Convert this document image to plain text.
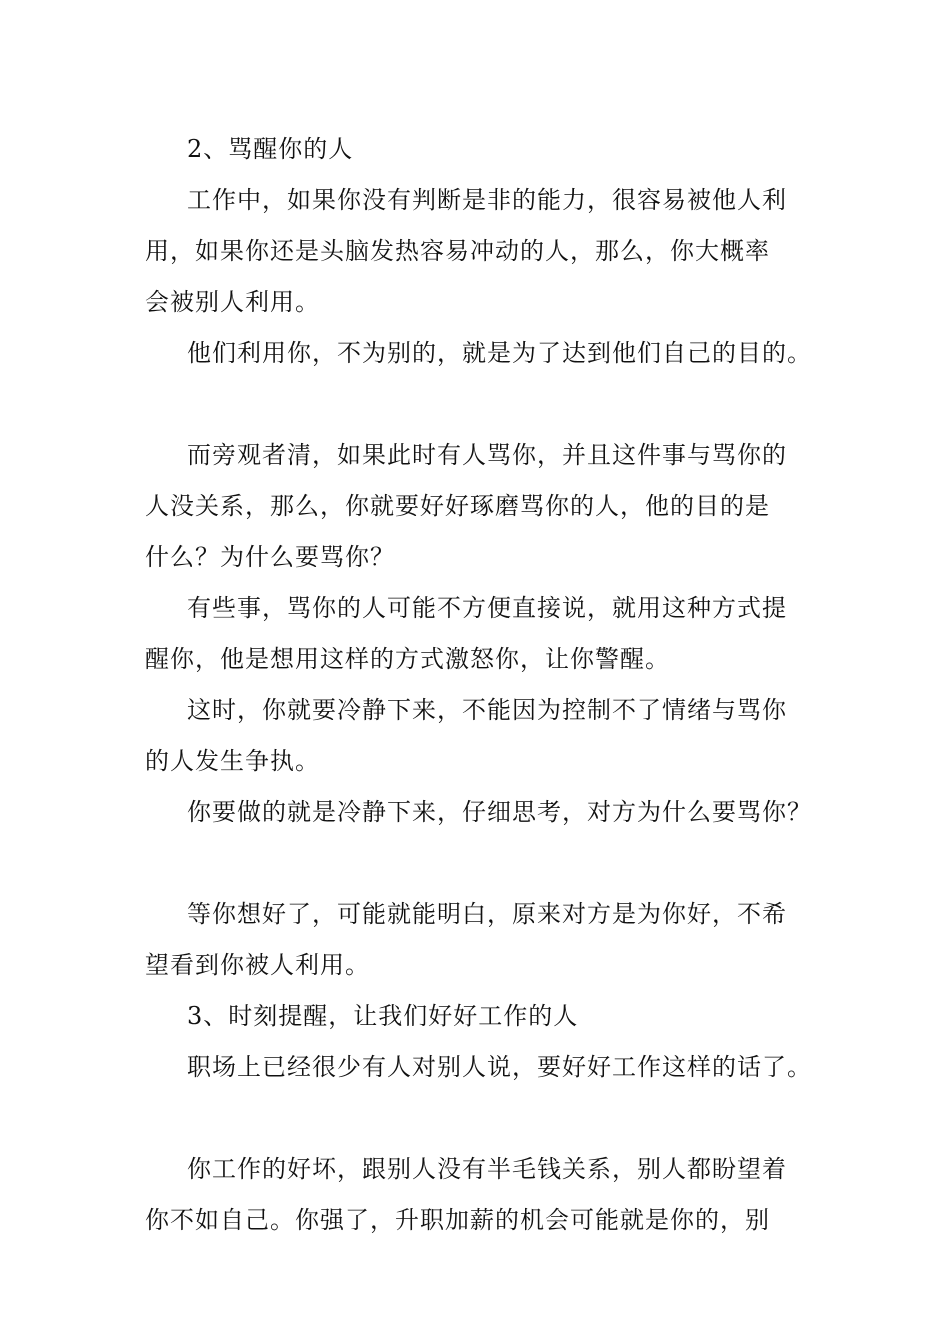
2、骂醒你的人
工作中，如果你没有判断是非的能力，很容易被他人利
用，如果你还是头脑发热容易冲动的人，那么，你大概率
会被别人利用。
他们利用你，不为别的，就是为了达到他们自己的目的。
而旁观者清，如果此时有人骂你，并且这件事与骂你的
人没关系，那么，你就要好好琢磨骂你的人，他的目的是
什么？为什么要骂你？
有些事，骂你的人可能不方便直接说，就用这种方式提
醒你，他是想用这样的方式激怒你，让你警醒。
这时，你就要冷静下来，不能因为控制不了情绪与骂你
的人发生争执。
你要做的就是冷静下来，仔细思考，对方为什么要骂你？
等你想好了，可能就能明白，原来对方是为你好，不希
望看到你被人利用。
3、时刻提醒，让我们好好工作的人
职场上已经很少有人对别人说，要好好工作这样的话了。
你工作的好坏，跟别人没有半毛钱关系，别人都盼望着
你不如自己。你强了，升职加薪的机会可能就是你的，别
